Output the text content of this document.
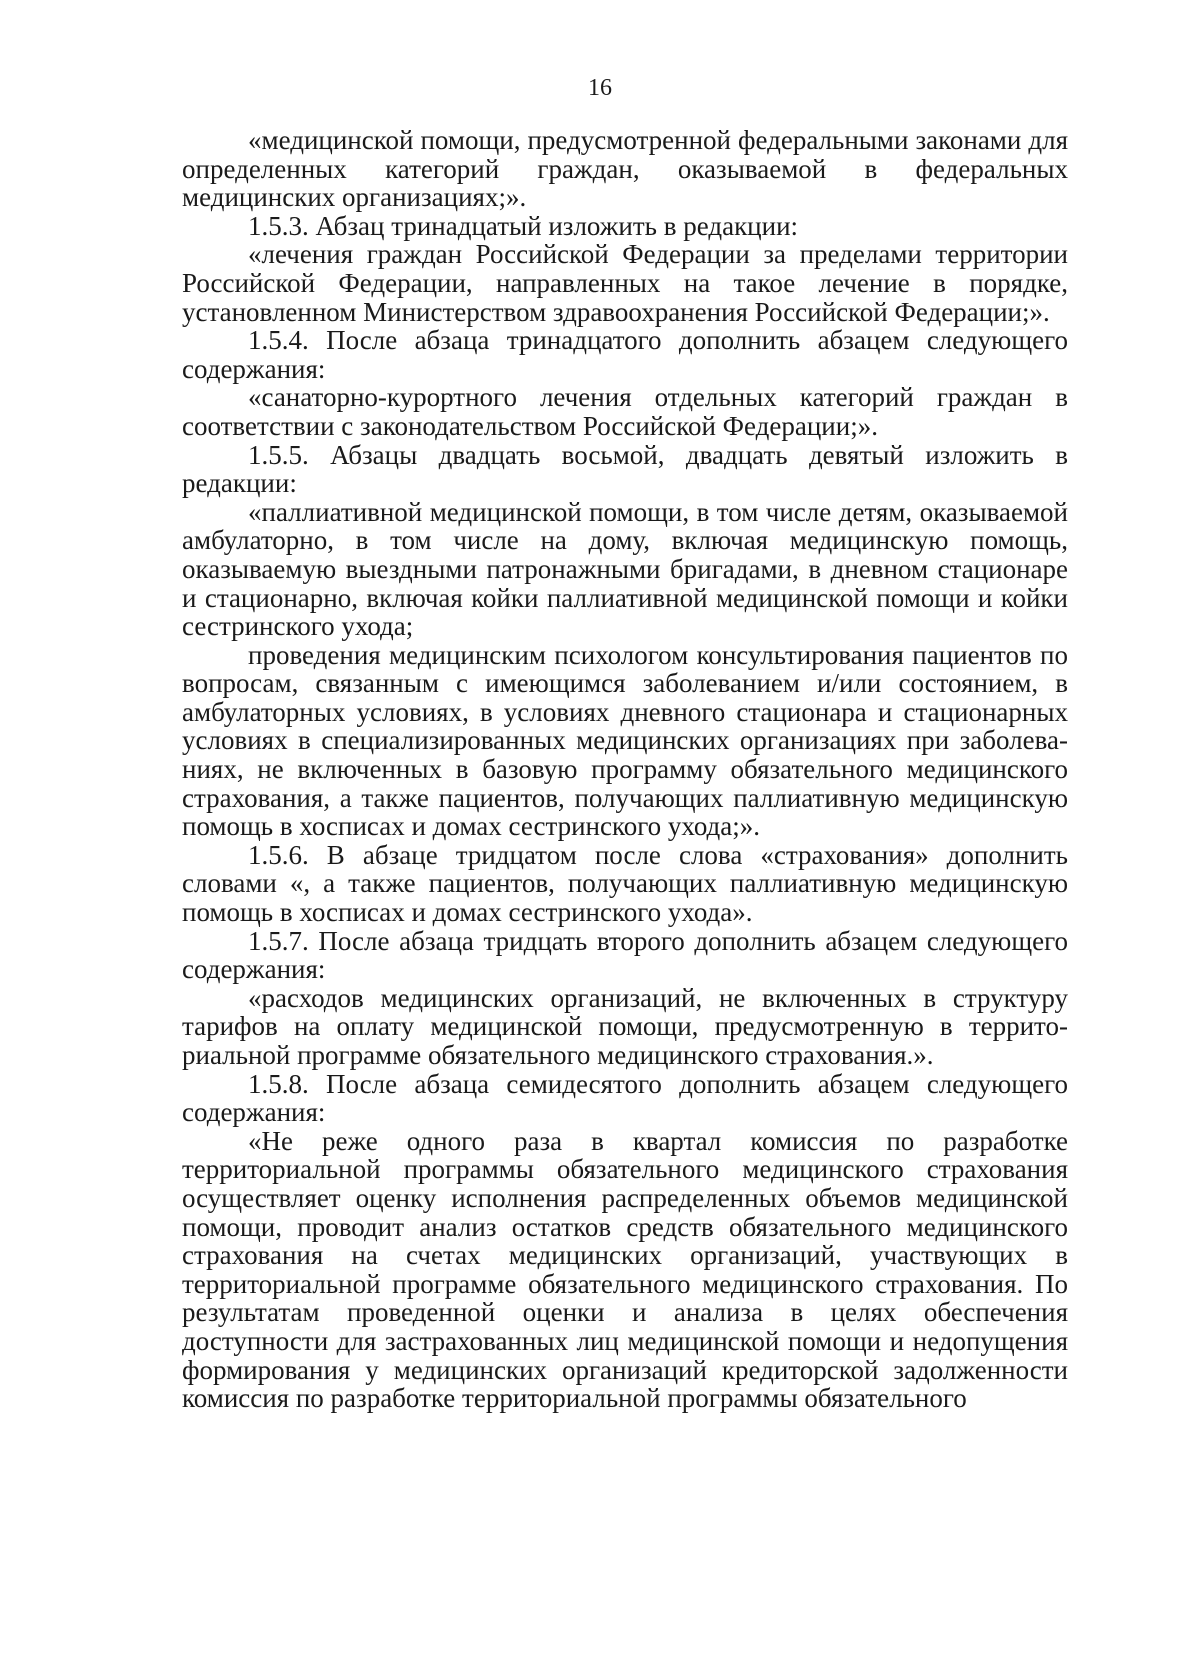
16

«медицинской помощи, предусмотренной федеральными законами для определенных категорий граждан, оказываемой в федеральных медицинских организациях;».

1.5.3. Абзац тринадцатый изложить в редакции:

«лечения граждан Российской Федерации за пределами территории Российской Федерации, направленных на такое лечение в порядке, установленном Министерством здравоохранения Российской Федерации;».

1.5.4. После абзаца тринадцатого дополнить абзацем следующего содержания:

«санаторно-курортного лечения отдельных категорий граждан в соответствии с законодательством Российской Федерации;».

1.5.5. Абзацы двадцать восьмой, двадцать девятый изложить в редакции:

«паллиативной медицинской помощи, в том числе детям, оказываемой амбулаторно, в том числе на дому, включая медицинскую помощь, оказываемую выездными патронажными бригадами, в дневном стационаре и стационарно, включая койки паллиативной медицинской помощи и койки сестринского ухода;

проведения медицинским психологом консультирования пациентов по вопросам, связанным с имеющимся заболеванием и/или состоянием, в амбулаторных условиях, в условиях дневного стационара и стационарных условиях в специализированных медицинских организациях при заболеваниях, не включенных в базовую программу обязательного медицинского страхования, а также пациентов, получающих паллиативную медицинскую помощь в хосписах и домах сестринского ухода;».

1.5.6. В абзаце тридцатом после слова «страхования» дополнить словами «, а также пациентов, получающих паллиативную медицинскую помощь в хосписах и домах сестринского ухода».

1.5.7. После абзаца тридцать второго дополнить абзацем следующего содержания:

«расходов медицинских организаций, не включенных в структуру тарифов на оплату медицинской помощи, предусмотренную в территориальной программе обязательного медицинского страхования.».

1.5.8. После абзаца семидесятого дополнить абзацем следующего содержания:

«Не реже одного раза в квартал комиссия по разработке территориальной программы обязательного медицинского страхования осуществляет оценку исполнения распределенных объемов медицинской помощи, проводит анализ остатков средств обязательного медицинского страхования на счетах медицинских организаций, участвующих в территориальной программе обязательного медицинского страхования. По результатам проведенной оценки и анализа в целях обеспечения доступности для застрахованных лиц медицинской помощи и недопущения формирования у медицинских организаций кредиторской задолженности комиссия по разработке территориальной программы обязательного
